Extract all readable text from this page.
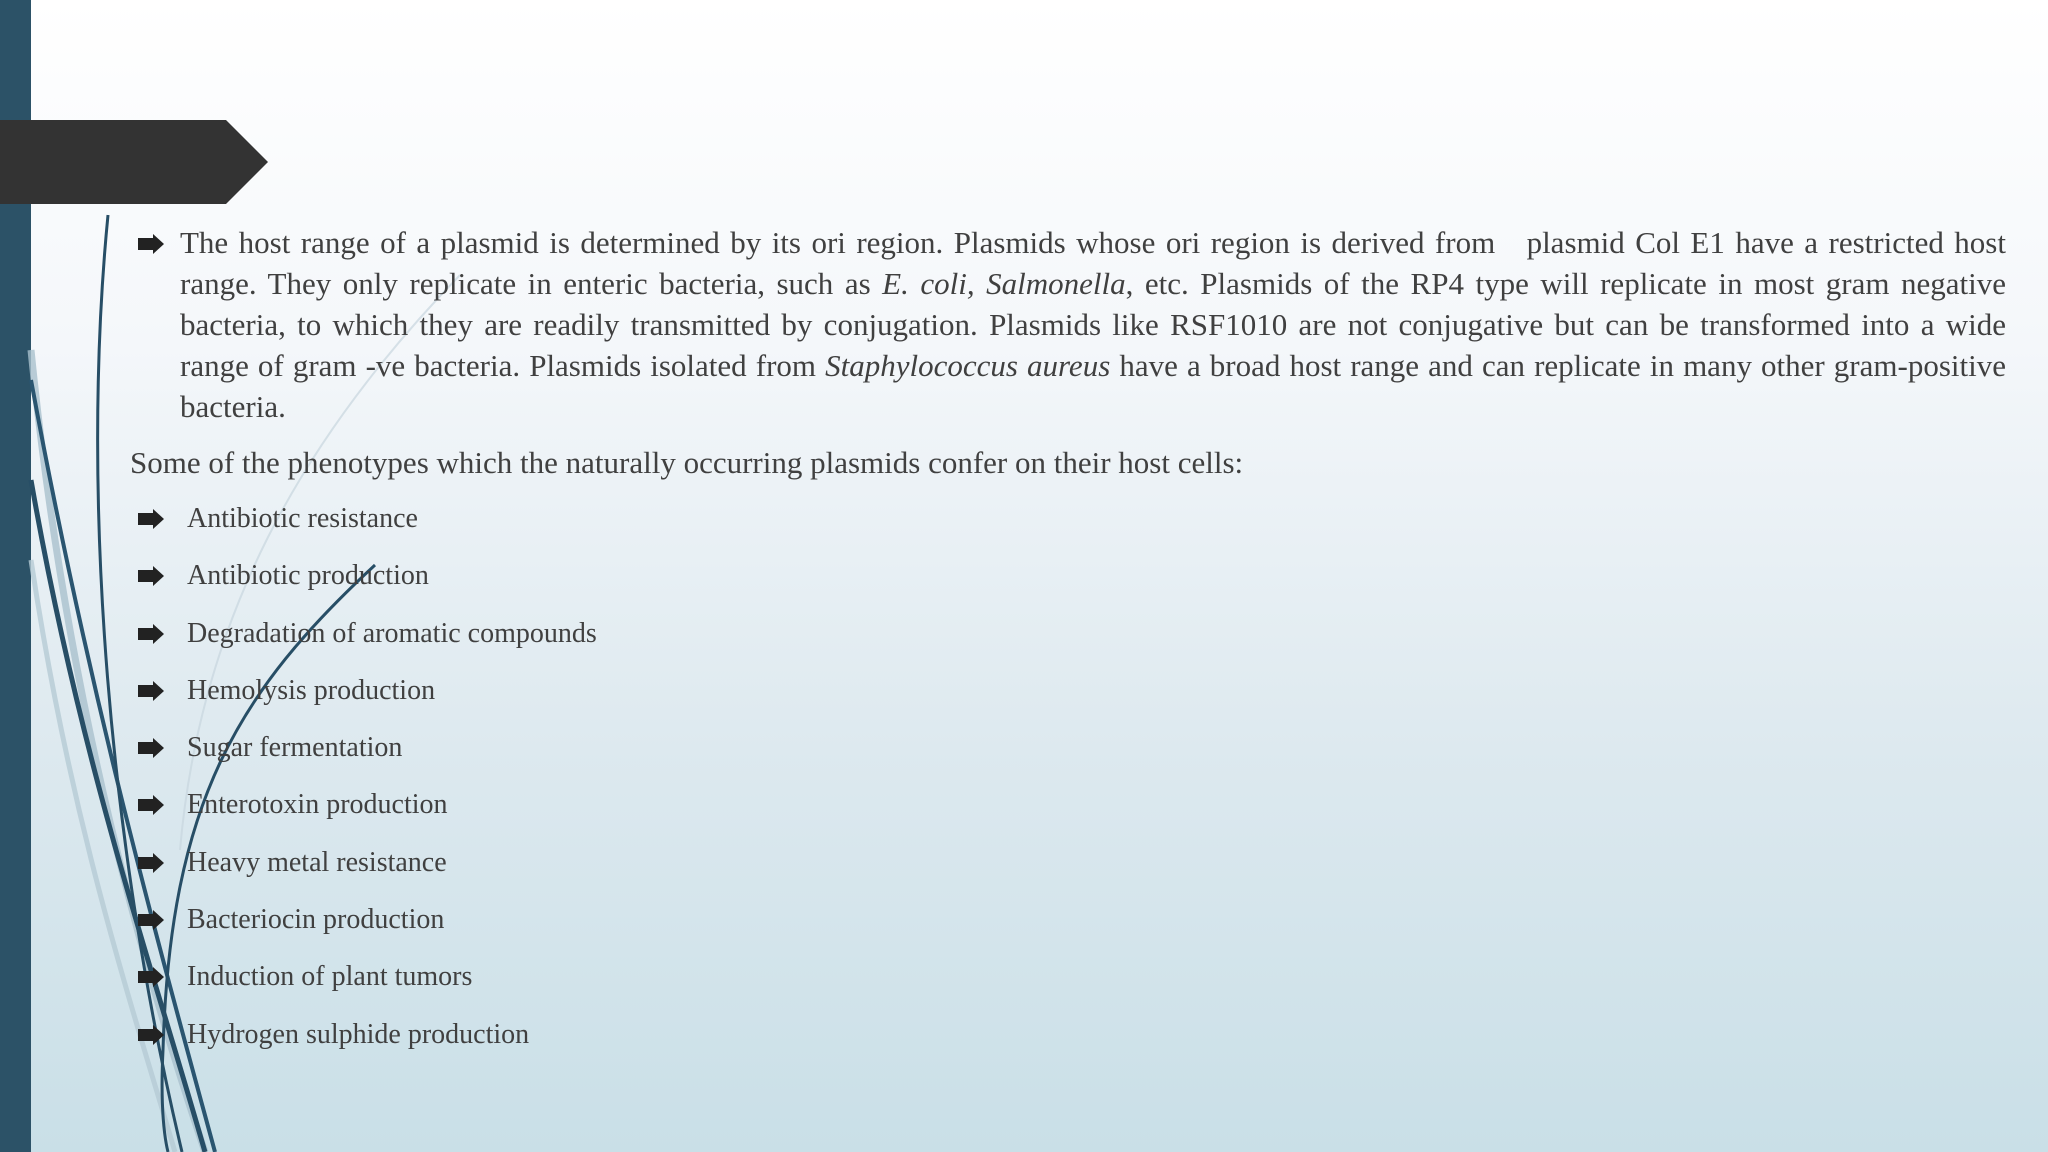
The host range of a plasmid is determined by its ori region. Plasmids whose ori region is derived from   plasmid Col E1 have a restricted host range. They only replicate in enteric bacteria, such as E. coli, Salmonella, etc. Plasmids of the RP4 type will replicate in most gram negative bacteria, to which they are readily transmitted by conjugation. Plasmids like RSF1010 are not conjugative but can be transformed into a wide range of gram -ve bacteria. Plasmids isolated from Staphylococcus aureus have a broad host range and can replicate in many other gram-positive bacteria.
Some of the phenotypes which the naturally occurring plasmids confer on their host cells:
Antibiotic resistance
Antibiotic production
Degradation of aromatic compounds
Hemolysis production
Sugar fermentation
Enterotoxin production
Heavy metal resistance
Bacteriocin production
Induction of plant tumors
Hydrogen sulphide production
